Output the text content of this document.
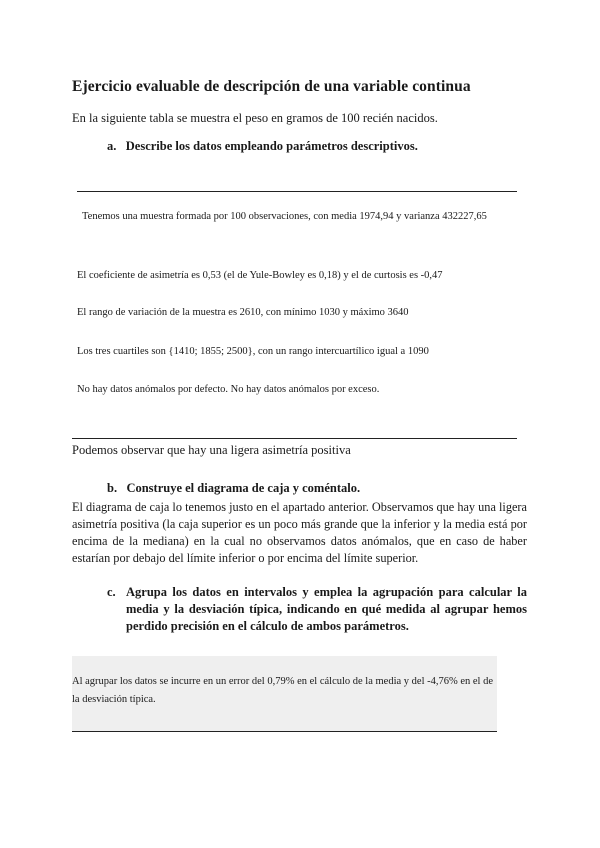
Ejercicio evaluable de descripción de una variable continua
En la siguiente tabla se muestra el peso en gramos de 100 recién nacidos.
a. Describe los datos empleando parámetros descriptivos.
Tenemos una muestra formada por 100 observaciones, con media 1974,94 y varianza 432227,65
El coeficiente de asimetría es 0,53 (el de Yule-Bowley es 0,18) y el de curtosis es -0,47
El rango de variación de la muestra es 2610, con mínimo 1030 y máximo 3640
Los tres cuartiles son {1410; 1855; 2500}, con un rango intercuartílico igual a 1090
No hay datos anómalos por defecto. No hay datos anómalos por exceso.
Podemos observar que hay una ligera asimetría positiva
b. Construye el diagrama de caja y coméntalo.
El diagrama de caja lo tenemos justo en el apartado anterior. Observamos que hay una ligera asimetría positiva (la caja superior es un poco más grande que la inferior y la media está por encima de la mediana) en la cual no observamos datos anómalos, que en caso de haber estarían por debajo del límite inferior o por encima del límite superior.
c. Agrupa los datos en intervalos y emplea la agrupación para calcular la media y la desviación típica, indicando en qué medida al agrupar hemos perdido precisión en el cálculo de ambos parámetros.
Al agrupar los datos se incurre en un error del 0,79% en el cálculo de la media y del -4,76% en el de la desviación típica.
